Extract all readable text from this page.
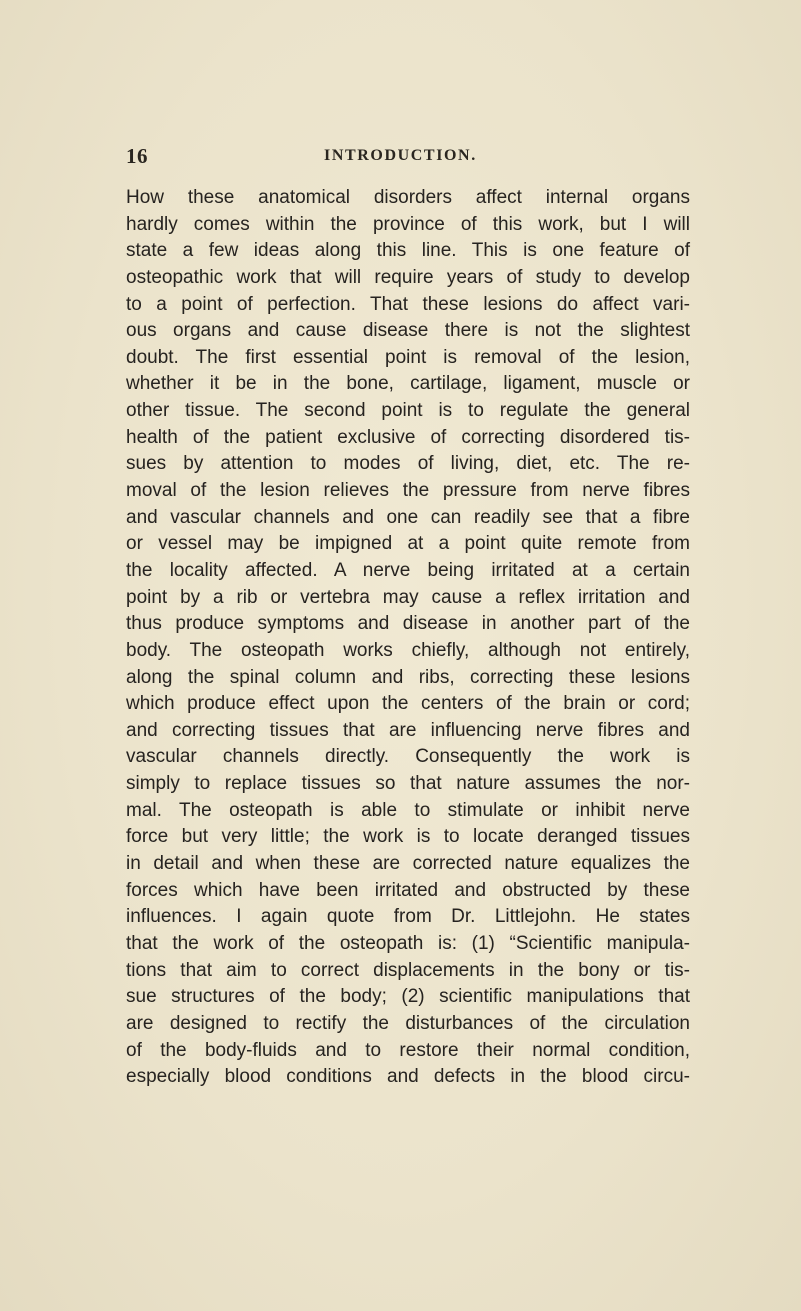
16	INTRODUCTION.
How these anatomical disorders affect internal organs
hardly comes within the province of this work, but I will
state a few ideas along this line. This is one feature of
osteopathic work that will require years of study to develop
to a point of perfection. That these lesions do affect vari-
ous organs and cause disease there is not the slightest
doubt. The first essential point is removal of the lesion,
whether it be in the bone, cartilage, ligament, muscle or
other tissue. The second point is to regulate the general
health of the patient exclusive of correcting disordered tis-
sues by attention to modes of living, diet, etc. The re-
moval of the lesion relieves the pressure from nerve fibres
and vascular channels and one can readily see that a fibre
or vessel may be impigned at a point quite remote from
the locality affected. A nerve being irritated at a certain
point by a rib or vertebra may cause a reflex irritation and
thus produce symptoms and disease in another part of the
body. The osteopath works chiefly, although not entirely,
along the spinal column and ribs, correcting these lesions
which produce effect upon the centers of the brain or cord;
and correcting tissues that are influencing nerve fibres and
vascular channels directly. Consequently the work is
simply to replace tissues so that nature assumes the nor-
mal. The osteopath is able to stimulate or inhibit nerve
force but very little; the work is to locate deranged tissues
in detail and when these are corrected nature equalizes the
forces which have been irritated and obstructed by these
influences. I again quote from Dr. Littlejohn. He states
that the work of the osteopath is: (1) “Scientific manipula-
tions that aim to correct displacements in the bony or tis-
sue structures of the body; (2) scientific manipulations that
are designed to rectify the disturbances of the circulation
of the body-fluids and to restore their normal condition,
especially blood conditions and defects in the blood circu-
